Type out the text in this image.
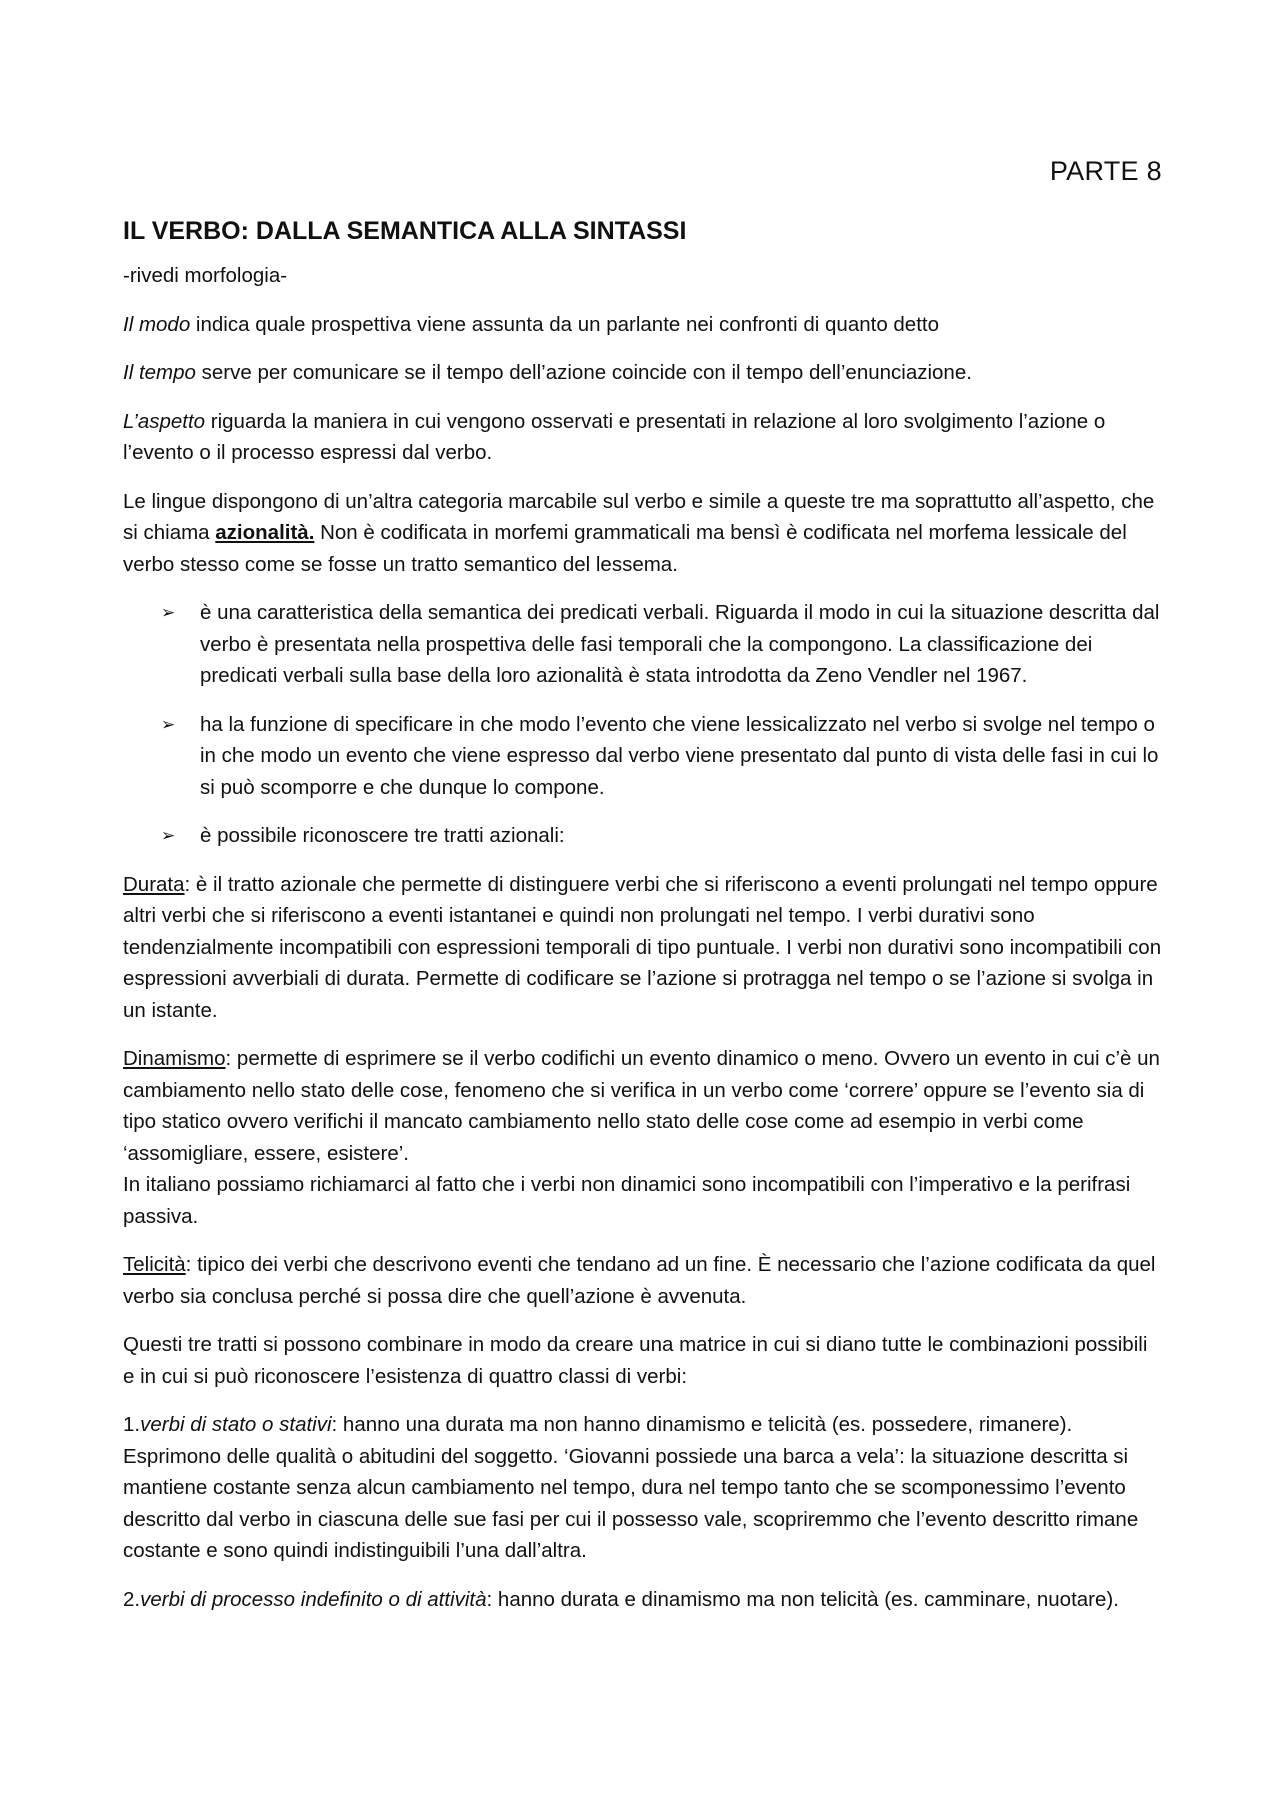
PARTE 8
IL VERBO: DALLA SEMANTICA ALLA SINTASSI

-rivedi morfologia-

Il modo indica quale prospettiva viene assunta da un parlante nei confronti di quanto detto

Il tempo serve per comunicare se il tempo dell’azione coincide con il tempo dell’enunciazione.

L’aspetto riguarda la maniera in cui vengono osservati e presentati in relazione al loro svolgimento l’azione o l’evento o il processo espressi dal verbo.

Le lingue dispongono di un’altra categoria marcabile sul verbo e simile a queste tre ma soprattutto all’aspetto, che si chiama azionalità. Non è codificata in morfemi grammaticali ma bensì è codificata nel morfema lessicale del verbo stesso come se fosse un tratto semantico del lessema.

➢ è una caratteristica della semantica dei predicati verbali. Riguarda il modo in cui la situazione descritta dal verbo è presentata nella prospettiva delle fasi temporali che la compongono. La classificazione dei predicati verbali sulla base della loro azionalità è stata introdotta da Zeno Vendler nel 1967.
➢ ha la funzione di specificare in che modo l’evento che viene lessicalizzato nel verbo si svolge nel tempo o in che modo un evento che viene espresso dal verbo viene presentato dal punto di vista delle fasi in cui lo si può scomporre e che dunque lo compone.
➢ è possibile riconoscere tre tratti azionali:

Durata: è il tratto azionale che permette di distinguere verbi che si riferiscono a eventi prolungati nel tempo oppure altri verbi che si riferiscono a eventi istantanei e quindi non prolungati nel tempo. I verbi durativi sono tendenzialmente incompatibili con espressioni temporali di tipo puntuale. I verbi non durativi sono incompatibili con espressioni avverbiali di durata. Permette di codificare se l’azione si protragga nel tempo o se l’azione si svolga in un istante.

Dinamismo: permette di esprimere se il verbo codifichi un evento dinamico o meno. Ovvero un evento in cui c’è un cambiamento nello stato delle cose, fenomeno che si verifica in un verbo come ‘correre’ oppure se l’evento sia di tipo statico ovvero verifichi il mancato cambiamento nello stato delle cose come ad esempio in verbi come ‘assomigliare, essere, esistere’.
In italiano possiamo richiamarci al fatto che i verbi non dinamici sono incompatibili con l’imperativo e la perifrasi passiva.

Telicità: tipico dei verbi che descrivono eventi che tendano ad un fine. È necessario che l’azione codificata da quel verbo sia conclusa perché si possa dire che quell’azione è avvenuta.

Questi tre tratti si possono combinare in modo da creare una matrice in cui si diano tutte le combinazioni possibili e in cui si può riconoscere l’esistenza di quattro classi di verbi:

1.verbi di stato o stativi: hanno una durata ma non hanno dinamismo e telicità (es. possedere, rimanere). Esprimono delle qualità o abitudini del soggetto. ‘Giovanni possiede una barca a vela’: la situazione descritta si mantiene costante senza alcun cambiamento nel tempo, dura nel tempo tanto che se scomponessimo l’evento descritto dal verbo in ciascuna delle sue fasi per cui il possesso vale, scopriremmo che l’evento descritto rimane costante e sono quindi indistinguibili l’una dall’altra.

2.verbi di processo indefinito o di attività: hanno durata e dinamismo ma non telicità (es. camminare, nuotare).
